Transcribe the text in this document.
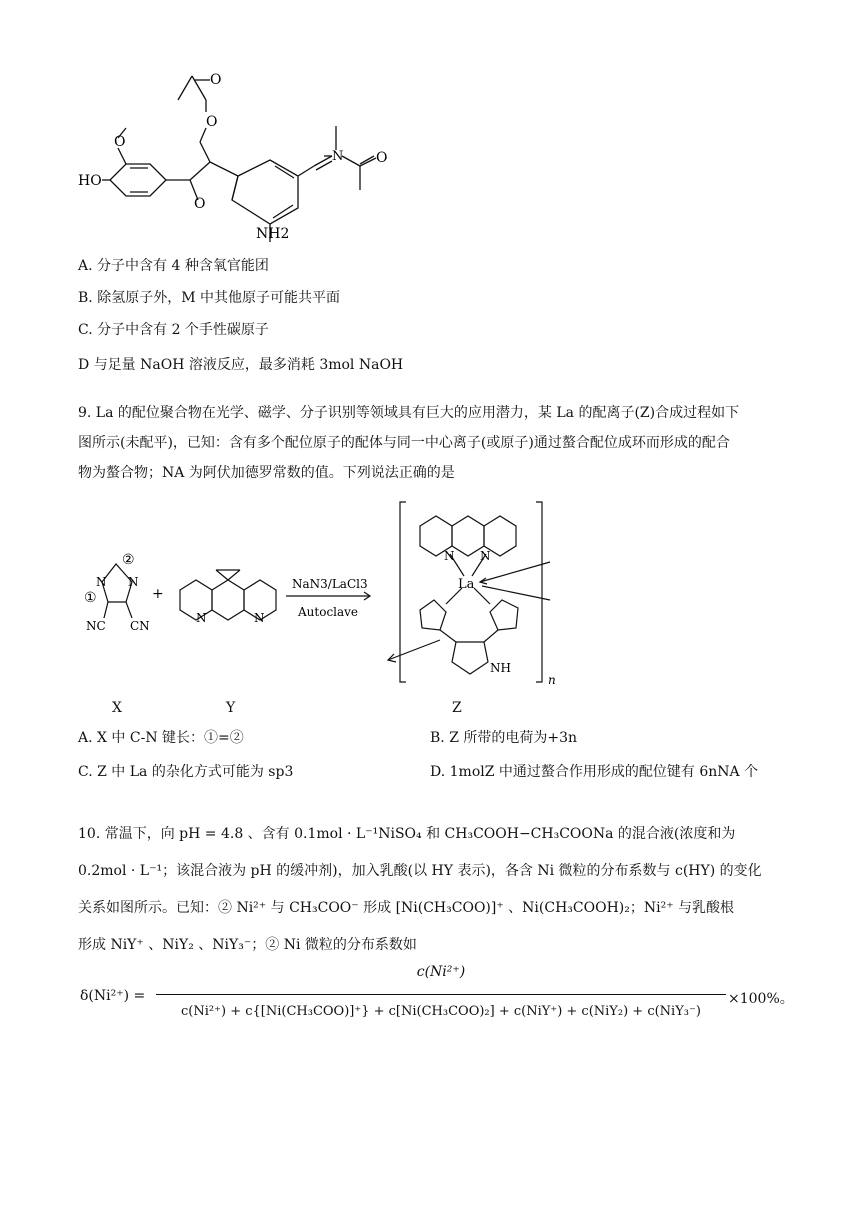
O
O
O
O
O
HO
NH2
N
A. 分子中含有 4 种含氧官能团
B. 除氢原子外，M 中其他原子可能共平面
C. 分子中含有 2 个手性碳原子
D 与足量 NaOH 溶液反应，最多消耗 3mol NaOH
9. La 的配位聚合物在光学、磁学、分子识别等领域具有巨大的应用潜力，某 La 的配离子(Z)合成过程如下
图所示(未配平)，已知：含有多个配位原子的配体与同一中心离子(或原子)通过螯合配位成环而形成的配合
物为螯合物；NA 为阿伏加德罗常数的值。下列说法正确的是
①
②
N N
NC CN
+
N	N
NaN3/LaCl3
Autoclave
La
N N
NH
n
X	Y	Z
A. X 中 C-N 键长：①=②	B. Z 所带的电荷为+3n
C. Z 中 La 的杂化方式可能为 sp3	D. 1molZ 中通过螯合作用形成的配位键有 6nNA 个
10. 常温下，向 pH = 4.8 、含有 0.1mol · L⁻¹NiSO₄ 和 CH₃COOH−CH₃COONa 的混合液(浓度和为
0.2mol · L⁻¹；该混合液为 pH 的缓冲剂)，加入乳酸(以 HY 表示)，各含 Ni 微粒的分布系数与 c(HY) 的变化
关系如图所示。已知：② Ni²⁺ 与 CH₃COO⁻ 形成 [Ni(CH₃COO)]⁺ 、Ni(CH₃COOH)₂；Ni²⁺ 与乳酸根
形成 NiY⁺ 、NiY₂ 、NiY₃⁻；② Ni 微粒的分布系数如
δ(Ni²⁺) =
c(Ni²⁺)
c(Ni²⁺) + c{[Ni(CH₃COO)]⁺} + c[Ni(CH₃COO)₂] + c(NiY⁺) + c(NiY₂) + c(NiY₃⁻)
×100%。
